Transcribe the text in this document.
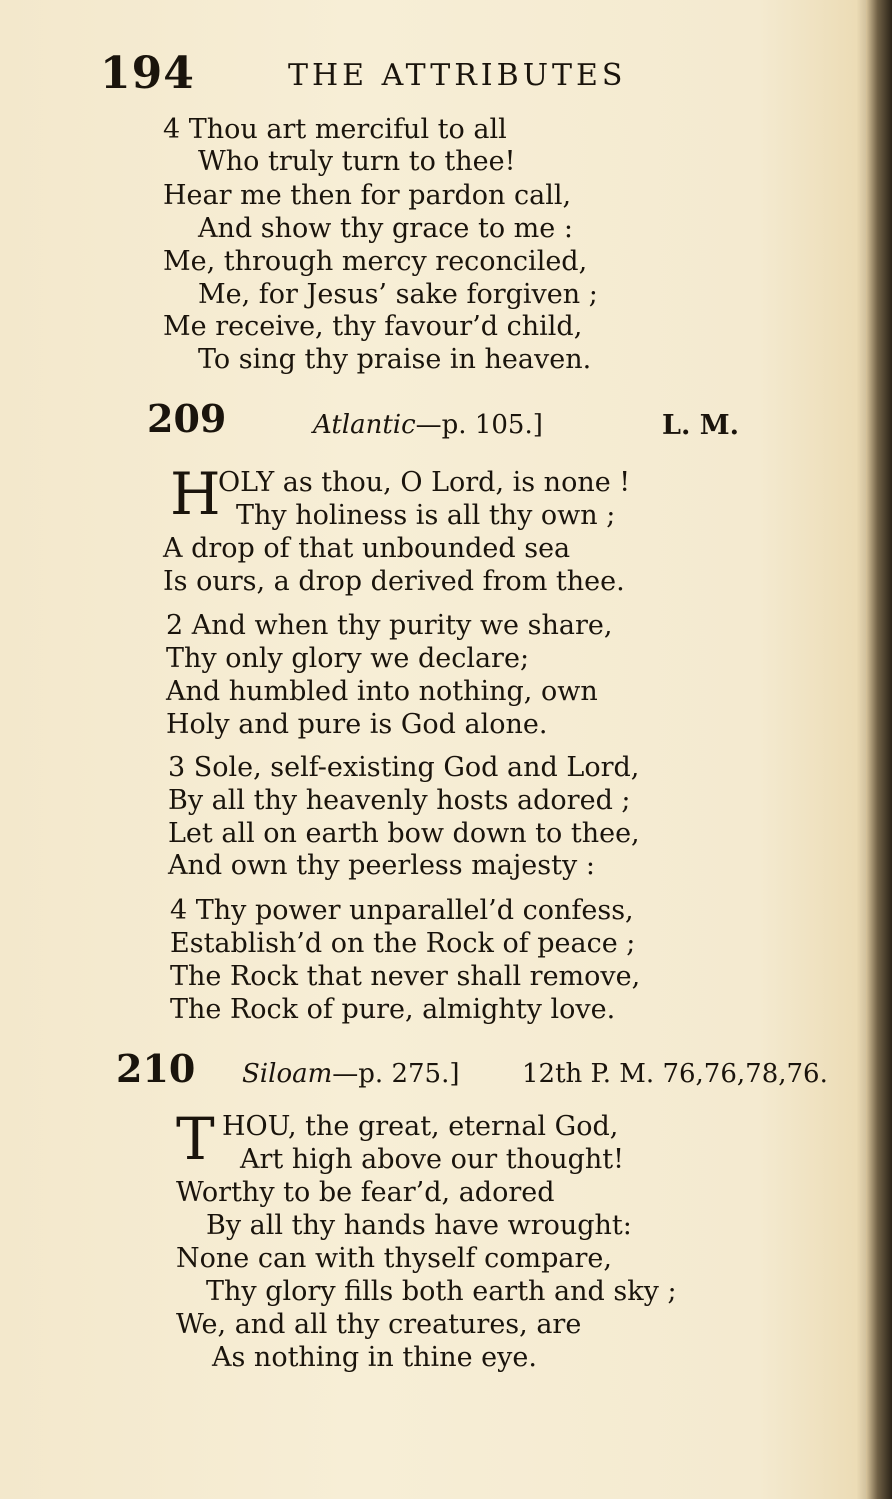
194	THE ATTRIBUTES
4 Thou art merciful to all
Who truly turn to thee!
Hear me then for pardon call,
And show thy grace to me :
Me, through mercy reconciled,
Me, for Jesus’ sake forgiven ;
Me receive, thy favour’d child,
To sing thy praise in heaven.
209	Atlantic—p. 105.]	L. M.
H
OLY as thou, O Lord, is none !
Thy holiness is all thy own ;
A drop of that unbounded sea
Is ours, a drop derived from thee.
2 And when thy purity we share,
Thy only glory we declare;
And humbled into nothing, own
Holy and pure is God alone.
3 Sole, self-existing God and Lord,
By all thy heavenly hosts adored ;
Let all on earth bow down to thee,
And own thy peerless majesty :
4 Thy power unparallel’d confess,
Establish’d on the Rock of peace ;
The Rock that never shall remove,
The Rock of pure, almighty love.
210 Siloam—p. 275.] 12th P. M. 76,76,78,76.
T HOU, the great, eternal God,
Art high above our thought!
Worthy to be fear’d, adored
By all thy hands have wrought:
None can with thyself compare,
Thy glory fills both earth and sky ;
We, and all thy creatures, are
As nothing in thine eye.
